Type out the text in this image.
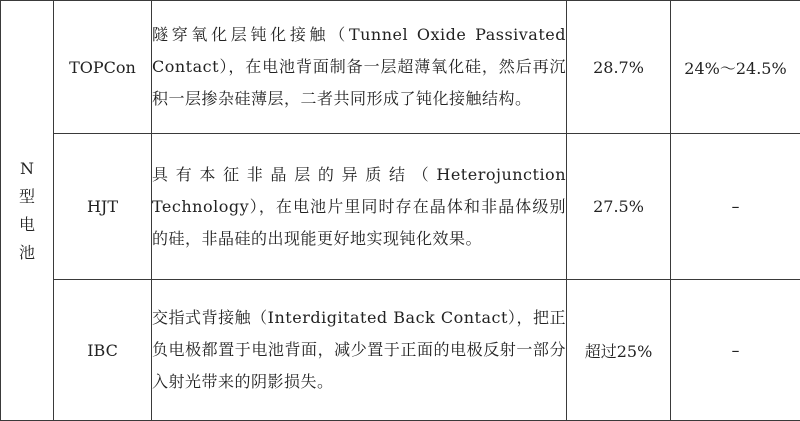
N
型
电
池	TOPCon	隧穿氧化层钝化接触（Tunnel Oxide Passivated Contact），在电池背面制备一层超薄氧化硅，然后再沉积一层掺杂硅薄层，二者共同形成了钝化接触结构。	28.7%	24%～24.5%
	HJT	具有本征非晶层的异质结（Heterojunction Technology），在电池片里同时存在晶体和非晶体级别的硅，非晶硅的出现能更好地实现钝化效果。	27.5%	–
	IBC	交指式背接触（Interdigitated Back Contact），把正负电极都置于电池背面，减少置于正面的电极反射一部分入射光带来的阴影损失。	超过25%	–
